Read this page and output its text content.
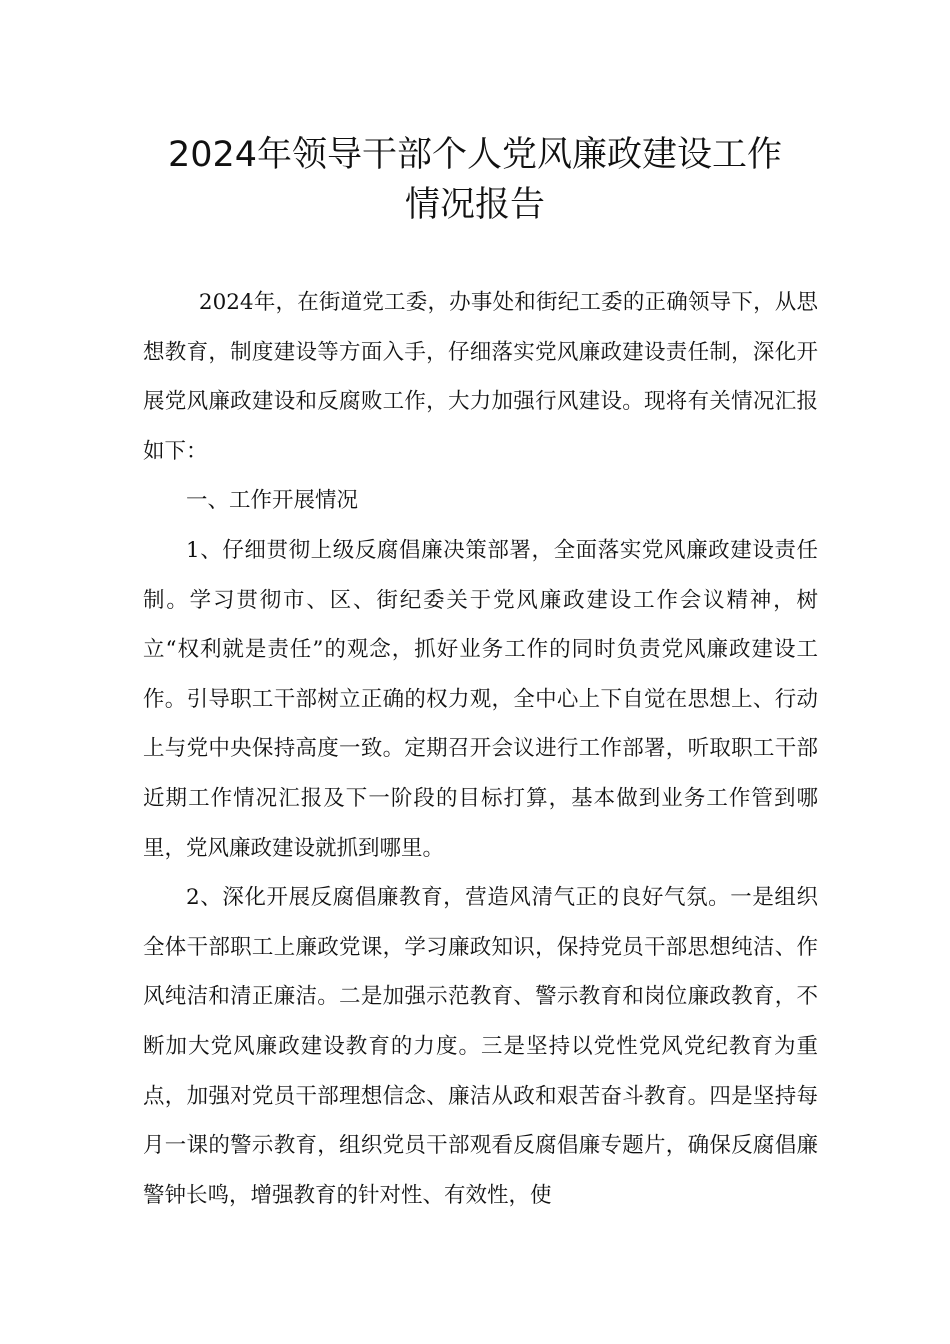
2024年领导干部个人党风廉政建设工作
情况报告

2024年，在街道党工委，办事处和街纪工委的正确领导下，从思想教育，制度建设等方面入手，仔细落实党风廉政建设责任制，深化开展党风廉政建设和反腐败工作，大力加强行风建设。现将有关情况汇报如下：

一、工作开展情况

1、仔细贯彻上级反腐倡廉决策部署，全面落实党风廉政建设责任制。学习贯彻市、区、街纪委关于党风廉政建设工作会议精神，树立“权利就是责任”的观念，抓好业务工作的同时负责党风廉政建设工作。引导职工干部树立正确的权力观，全中心上下自觉在思想上、行动上与党中央保持高度一致。定期召开会议进行工作部署，听取职工干部近期工作情况汇报及下一阶段的目标打算，基本做到业务工作管到哪里，党风廉政建设就抓到哪里。

2、深化开展反腐倡廉教育，营造风清气正的良好气氛。一是组织全体干部职工上廉政党课，学习廉政知识，保持党员干部思想纯洁、作风纯洁和清正廉洁。二是加强示范教育、警示教育和岗位廉政教育，不断加大党风廉政建设教育的力度。三是坚持以党性党风党纪教育为重点，加强对党员干部理想信念、廉洁从政和艰苦奋斗教育。四是坚持每月一课的警示教育，组织党员干部观看反腐倡廉专题片，确保反腐倡廉警钟长鸣，增强教育的针对性、有效性，使
